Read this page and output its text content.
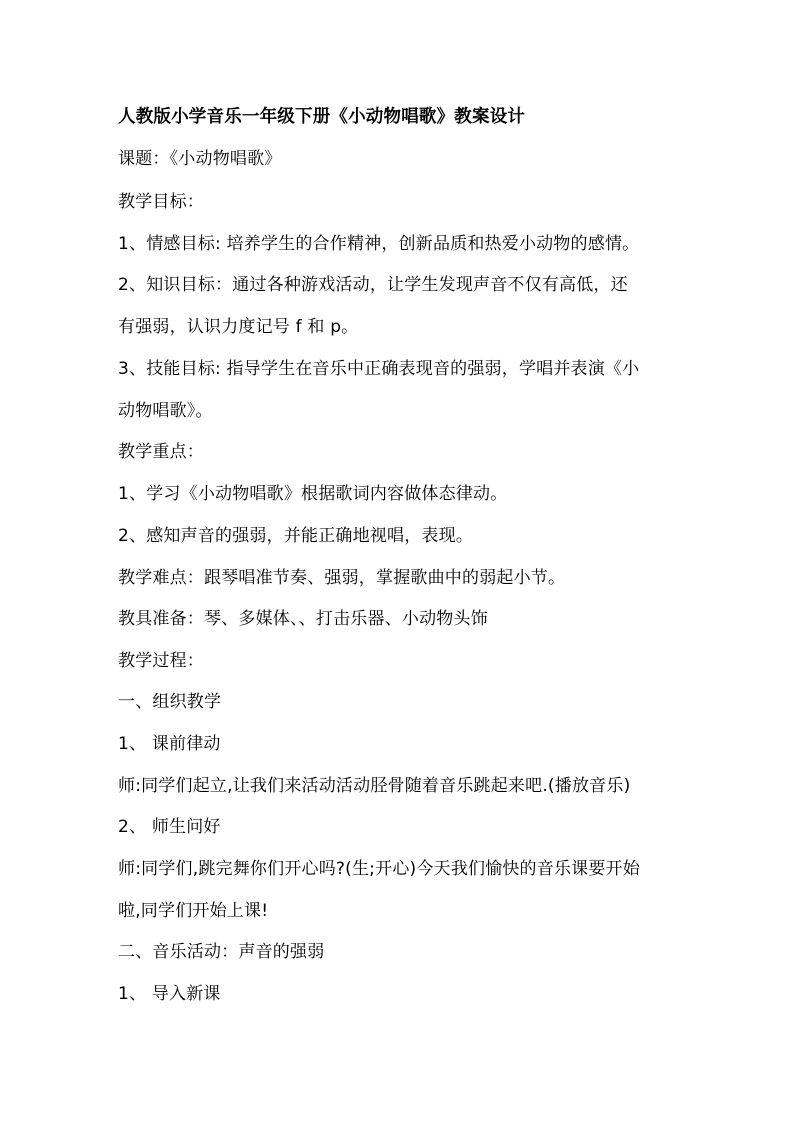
人教版小学音乐一年级下册《小动物唱歌》教案设计
课题：《小动物唱歌》
教学目标：
1、情感目标: 培养学生的合作精神，创新品质和热爱小动物的感情。
2、知识目标：通过各种游戏活动，让学生发现声音不仅有高低，还
有强弱，认识力度记号 f 和 p。
3、技能目标: 指导学生在音乐中正确表现音的强弱，学唱并表演《小
动物唱歌》。
教学重点：
1、学习《小动物唱歌》根据歌词内容做体态律动。
2、感知声音的强弱，并能正确地视唱，表现。
教学难点：跟琴唱准节奏、强弱，掌握歌曲中的弱起小节。
教具准备：琴、多媒体、、打击乐器、小动物头饰
教学过程：
一、组织教学
1、 课前律动
师:同学们起立,让我们来活动活动胫骨随着音乐跳起来吧.(播放音乐)
2、 师生问好
师:同学们,跳完舞你们开心吗?(生;开心)今天我们愉快的音乐课要开始
啦,同学们开始上课!
二、音乐活动：声音的强弱
1、 导入新课
